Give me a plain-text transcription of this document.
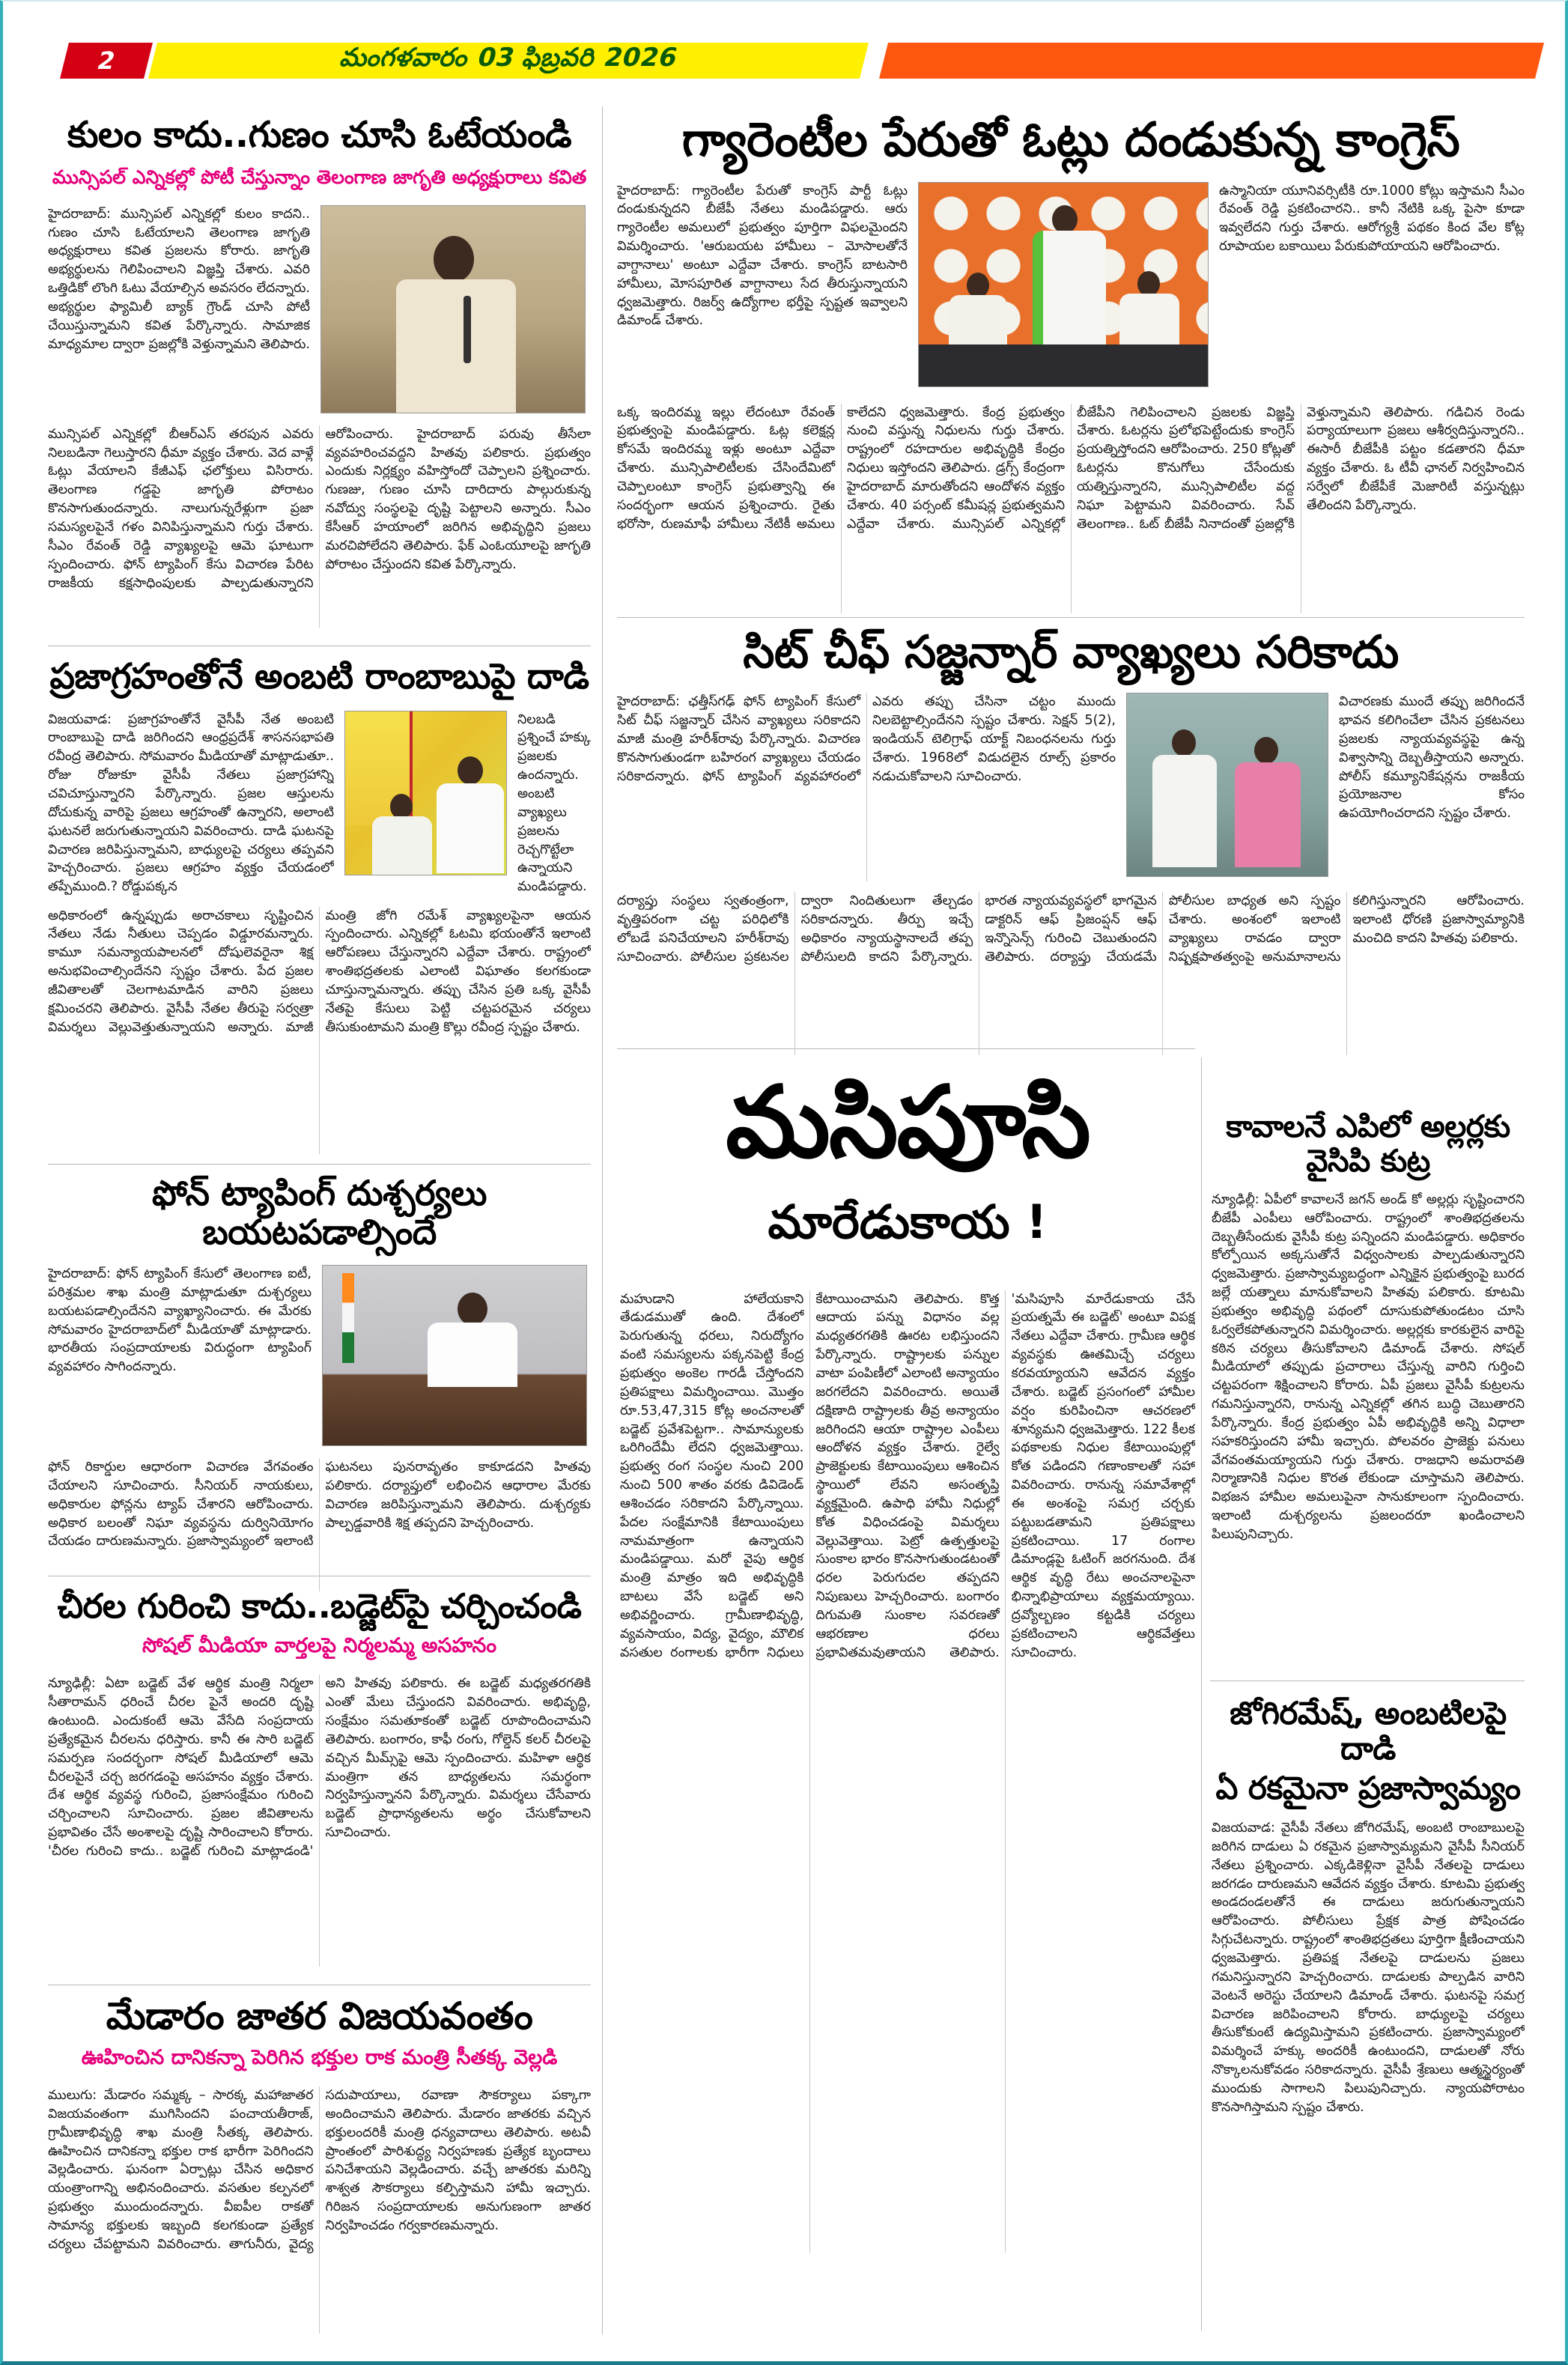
2	మంగళవారం 03 ఫిబ్రవరి 2026
కులం కాదు..గుణం చూసి ఓటేయండి
మున్సిపల్ ఎన్నికల్లో పోటీ చేస్తున్నాం తెలంగాణ జాగృతి అధ్యక్షురాలు కవిత
హైదరాబాద్: మున్సిపల్ ఎన్నికల్లో కులం కాదని.. గుణం చూసి ఓటేయాలని తెలంగాణ జాగృతి అధ్యక్షురాలు కవిత ప్రజలను కోరారు. జాగృతి అభ్యర్థులను గెలిపించాలని విజ్ఞప్తి చేశారు. ఎవరి ఒత్తిడికో లొంగి ఓటు వేయాల్సిన అవసరం లేదన్నారు. అభ్యర్థుల ఫ్యామిలీ బ్యాక్ గ్రౌండ్ చూసి పోటీ చేయిస్తున్నామని కవిత పేర్కొన్నారు. సామాజిక మాధ్యమాల ద్వారా ప్రజల్లోకి వెళ్తున్నామని తెలిపారు.
మున్సిపల్ ఎన్నికల్లో బీఆర్ఎస్ తరపున ఎవరు నిలబడినా గెలుస్తారని ధీమా వ్యక్తం చేశారు. వెద వాళ్లే ఓట్లు వేయాలని కేజీఎఫ్ ఛలోక్తులు విసిరారు. తెలంగాణ గడ్డపై జాగృతి పోరాటం కొనసాగుతుందన్నారు. నాలుగున్నరేళ్లుగా ప్రజా సమస్యలపైనే గళం వినిపిస్తున్నామని గుర్తు చేశారు. సీఎం రేవంత్ రెడ్డి వ్యాఖ్యలపై ఆమె ఘాటుగా స్పందించారు. ఫోన్ ట్యాపింగ్ కేసు విచారణ పేరిట రాజకీయ కక్షసాధింపులకు పాల్పడుతున్నారని ఆరోపించారు. హైదరాబాద్ పరువు తీసేలా వ్యవహరించవద్దని హితవు పలికారు. ప్రభుత్వం ఎందుకు నిర్లక్ష్యం వహిస్తోందో చెప్పాలని ప్రశ్నించారు. గుణజు, గుణం చూసి దారిదారు పాల్గురుకున్న నవోద్వు సంస్థలపై దృష్టి పెట్టాలని అన్నారు. సీఎం కేసీఆర్ హయాంలో జరిగిన అభివృద్ధిని ప్రజలు మరచిపోలేదని తెలిపారు. ఫేక్ ఎంఓయూలపై జాగృతి పోరాటం చేస్తుందని కవిత పేర్కొన్నారు.
ప్రజాగ్రహంతోనే అంబటి రాంబాబుపై దాడి
విజయవాడ: ప్రజాగ్రహంతోనే వైసీపీ నేత అంబటి రాంబాబుపై దాడి జరిగిందని ఆంధ్రప్రదేశ్ శాసనసభాపతి రవీంద్ర తెలిపారు. సోమవారం మీడియాతో మాట్లాడుతూ.. రోజు రోజుకూ వైసీపీ నేతలు ప్రజాగ్రహాన్ని చవిచూస్తున్నారని పేర్కొన్నారు. ప్రజల ఆస్తులను దోచుకున్న వారిపై ప్రజలు ఆగ్రహంతో ఉన్నారని, అలాంటి ఘటనలే జరుగుతున్నాయని వివరించారు. దాడి ఘటనపై విచారణ జరిపిస్తున్నామని, బాధ్యులపై చర్యలు తప్పవని హెచ్చరించారు. ప్రజలు ఆగ్రహం వ్యక్తం చేయడంలో తప్పేముంది.? రోడ్డుపక్కన
నిలబడి ప్రశ్నించే హక్కు ప్రజలకు ఉందన్నారు. అంబటి వ్యాఖ్యలు ప్రజలను రెచ్చగొట్టేలా ఉన్నాయని మండిపడ్డారు.
అధికారంలో ఉన్నప్పుడు అరాచకాలు సృష్టించిన నేతలు నేడు నీతులు చెప్పడం విడ్డూరమన్నారు. కామూ సమన్యాయపాలనలో దోషులెవరైనా శిక్ష అనుభవించాల్సిందేనని స్పష్టం చేశారు. పేద ప్రజల జీవితాలతో చెలగాటమాడిన వారిని ప్రజలు క్షమించరని తెలిపారు. వైసీపీ నేతల తీరుపై సర్వత్రా విమర్శలు వెల్లువెత్తుతున్నాయని అన్నారు. మాజీ మంత్రి జోగి రమేశ్ వ్యాఖ్యలపైనా ఆయన స్పందించారు. ఎన్నికల్లో ఓటమి భయంతోనే ఇలాంటి ఆరోపణలు చేస్తున్నారని ఎద్దేవా చేశారు. రాష్ట్రంలో శాంతిభద్రతలకు ఎలాంటి విఘాతం కలగకుండా చూస్తున్నామన్నారు. తప్పు చేసిన ప్రతి ఒక్క వైసీపీ నేతపై కేసులు పెట్టి చట్టపరమైన చర్యలు తీసుకుంటామని మంత్రి కొల్లు రవీంద్ర స్పష్టం చేశారు.
ఫోన్ ట్యాపింగ్ దుశ్చర్యలు బయటపడాల్సిందే
హైదరాబాద్: ఫోన్ ట్యాపింగ్ కేసులో తెలంగాణ ఐటీ, పరిశ్రమల శాఖ మంత్రి మాట్లాడుతూ దుశ్చర్యలు బయటపడాల్సిందేనని వ్యాఖ్యానించారు. ఈ మేరకు సోమవారం హైదరాబాద్‌లో మీడియాతో మాట్లాడారు. భారతీయ సంప్రదాయాలకు విరుద్ధంగా ట్యాపింగ్ వ్యవహారం సాగిందన్నారు.
ఫోన్ రికార్డుల ఆధారంగా విచారణ వేగవంతం చేయాలని సూచించారు. సీనియర్ నాయకులు, అధికారుల ఫోన్లను ట్యాప్ చేశారని ఆరోపించారు. అధికార బలంతో నిఘా వ్యవస్థను దుర్వినియోగం చేయడం దారుణమన్నారు. ప్రజాస్వామ్యంలో ఇలాంటి ఘటనలు పునరావృతం కాకూడదని హితవు పలికారు. దర్యాప్తులో లభించిన ఆధారాల మేరకు విచారణ జరిపిస్తున్నామని తెలిపారు. దుశ్చర్యకు పాల్పడ్డవారికి శిక్ష తప్పదని హెచ్చరించారు.
చీరల గురించి కాదు..బడ్జెట్‌పై చర్చించండి
సోషల్ మీడియా వార్తలపై నిర్మలమ్మ అసహనం
న్యూఢిల్లీ: ఏటా బడ్జెట్ వేళ ఆర్థిక మంత్రి నిర్మలా సీతారామన్ ధరించే చీరల పైనే అందరి దృష్టి ఉంటుంది. ఎందుకంటే ఆమె వేసేది సంప్రదాయ ప్రత్యేకమైన చీరలను ధరిస్తారు. కానీ ఈ సారి బడ్జెట్ సమర్పణ సందర్భంగా సోషల్ మీడియాలో ఆమె చీరలపైనే చర్చ జరగడంపై అసహనం వ్యక్తం చేశారు. దేశ ఆర్థిక వ్యవస్థ గురించి, ప్రజాసంక్షేమం గురించి చర్చించాలని సూచించారు. ప్రజల జీవితాలను ప్రభావితం చేసే అంశాలపై దృష్టి సారించాలని కోరారు. 'చీరల గురించి కాదు.. బడ్జెట్ గురించి మాట్లాడండి' అని హితవు పలికారు. ఈ బడ్జెట్ మధ్యతరగతికి ఎంతో మేలు చేస్తుందని వివరించారు. అభివృద్ధి, సంక్షేమం సమతూకంతో బడ్జెట్ రూపొందించామని తెలిపారు. బంగారం, కాఫీ రంగు, గోల్డెన్ కలర్ చీరలపై వచ్చిన మీమ్స్‌పై ఆమె స్పందించారు. మహిళా ఆర్థిక మంత్రిగా తన బాధ్యతలను సమర్థంగా నిర్వహిస్తున్నానని పేర్కొన్నారు. విమర్శలు చేసేవారు బడ్జెట్ ప్రాధాన్యతలను అర్థం చేసుకోవాలని సూచించారు.
మేడారం జాతర విజయవంతం
ఊహించిన దానికన్నా పెరిగిన భక్తుల రాక మంత్రి సీతక్క వెల్లడి
ములుగు: మేడారం సమ్మక్క – సారక్క మహాజాతర విజయవంతంగా ముగిసిందని పంచాయతీరాజ్, గ్రామీణాభివృద్ధి శాఖ మంత్రి సీతక్క తెలిపారు. ఊహించిన దానికన్నా భక్తుల రాక భారీగా పెరిగిందని వెల్లడించారు. ఘనంగా ఏర్పాట్లు చేసిన అధికార యంత్రాంగాన్ని అభినందించారు. వసతుల కల్పనలో ప్రభుత్వం ముందుందన్నారు. వీఐపీల రాకతో సామాన్య భక్తులకు ఇబ్బంది కలగకుండా ప్రత్యేక చర్యలు చేపట్టామని వివరించారు. తాగునీరు, వైద్య సదుపాయాలు, రవాణా సౌకర్యాలు పక్కాగా అందించామని తెలిపారు. మేడారం జాతరకు వచ్చిన భక్తులందరికీ మంత్రి ధన్యవాదాలు తెలిపారు. అటవీ ప్రాంతంలో పారిశుద్ధ్య నిర్వహణకు ప్రత్యేక బృందాలు పనిచేశాయని వెల్లడించారు. వచ్చే జాతరకు మరిన్ని శాశ్వత సౌకర్యాలు కల్పిస్తామని హామీ ఇచ్చారు. గిరిజన సంప్రదాయాలకు అనుగుణంగా జాతర నిర్వహించడం గర్వకారణమన్నారు.
గ్యారెంటీల పేరుతో ఓట్లు దండుకున్న కాంగ్రెస్
హైదరాబాద్: గ్యారెంటీల పేరుతో కాంగ్రెస్ పార్టీ ఓట్లు దండుకున్నదని బీజేపీ నేతలు మండిపడ్డారు. ఆరు గ్యారెంటీల అమలులో ప్రభుత్వం పూర్తిగా విఫలమైందని విమర్శించారు. 'ఆరుబయట హామీలు – మోసాలతోనే వాగ్దానాలు' అంటూ ఎద్దేవా చేశారు. కాంగ్రెస్ బాటసారి హామీలు, మోసపూరిత వాగ్దానాలు సేద తీరుస్తున్నాయని ధ్వజమెత్తారు. రిజర్వ్ ఉద్యోగాల భర్తీపై స్పష్టత ఇవ్వాలని డిమాండ్ చేశారు.
ఉస్మానియా యూనివర్సిటీకి రూ.1000 కోట్లు ఇస్తామని సీఎం రేవంత్ రెడ్డి ప్రకటించారని.. కానీ నేటికి ఒక్క పైసా కూడా ఇవ్వలేదని గుర్తు చేశారు. ఆరోగ్యశ్రీ పథకం కింద వేల కోట్ల రూపాయల బకాయిలు పేరుకుపోయాయని ఆరోపించారు.
ఒక్క ఇందిరమ్మ ఇల్లు లేదంటూ రేవంత్ ప్రభుత్వంపై మండిపడ్డారు. ఓట్ల కలెక్షన్ల కోసమే ఇందిరమ్మ ఇళ్లు అంటూ ఎద్దేవా చేశారు. మున్సిపాలిటీలకు చేసిందేమిటో చెప్పాలంటూ కాంగ్రెస్ ప్రభుత్వాన్ని ఈ సందర్భంగా ఆయన ప్రశ్నించారు. రైతు భరోసా, రుణమాఫీ హామీలు నేటికీ అమలు కాలేదని ధ్వజమెత్తారు. కేంద్ర ప్రభుత్వం నుంచి వస్తున్న నిధులను గుర్తు చేశారు. రాష్ట్రంలో రహదారుల అభివృద్ధికి కేంద్రం నిధులు ఇస్తోందని తెలిపారు. డ్రగ్స్ కేంద్రంగా హైదరాబాద్ మారుతోందని ఆందోళన వ్యక్తం చేశారు. 40 పర్సంట్ కమీషన్ల ప్రభుత్వమని ఎద్దేవా చేశారు. మున్సిపల్ ఎన్నికల్లో బీజేపీని గెలిపించాలని ప్రజలకు విజ్ఞప్తి చేశారు. ఓటర్లను ప్రలోభపెట్టేందుకు కాంగ్రెస్ ప్రయత్నిస్తోందని ఆరోపించారు. 250 కోట్లతో ఓటర్లను కొనుగోలు చేసేందుకు యత్నిస్తున్నారని, మున్సిపాలిటీల వద్ద నిఘా పెట్టామని వివరించారు. సేవ్ తెలంగాణ.. ఓట్ బీజేపీ నినాదంతో ప్రజల్లోకి వెళ్తున్నామని తెలిపారు. గడిచిన రెండు పర్యాయాలుగా ప్రజలు ఆశీర్వదిస్తున్నారని.. ఈసారీ బీజేపీకి పట్టం కడతారని ధీమా వ్యక్తం చేశారు. ఓ టీవీ ఛానల్ నిర్వహించిన సర్వేలో బీజేపీకే మెజారిటీ వస్తున్నట్లు తేలిందని పేర్కొన్నారు.
సిట్ చీఫ్ సజ్జన్నార్ వ్యాఖ్యలు సరికాదు
హైదరాబాద్: ఛత్తీస్‌గఢ్ ఫోన్ ట్యాపింగ్ కేసులో సిట్ చీఫ్ సజ్జన్నార్ చేసిన వ్యాఖ్యలు సరికాదని మాజీ మంత్రి హరీశ్‌రావు పేర్కొన్నారు. విచారణ కొనసాగుతుండగా బహిరంగ వ్యాఖ్యలు చేయడం సరికాదన్నారు. ఫోన్ ట్యాపింగ్ వ్యవహారంలో ఎవరు తప్పు చేసినా చట్టం ముందు నిలబెట్టాల్సిందేనని స్పష్టం చేశారు. సెక్షన్ 5(2), ఇండియన్ టెలిగ్రాఫ్ యాక్ట్ నిబంధనలను గుర్తు చేశారు. 1968లో విడుదలైన రూల్స్ ప్రకారం నడుచుకోవాలని సూచించారు.
విచారణకు ముందే తప్పు జరిగిందనే భావన కలిగించేలా చేసిన ప్రకటనలు ప్రజలకు న్యాయవ్యవస్థపై ఉన్న విశ్వాసాన్ని దెబ్బతీస్తాయని అన్నారు. పోలీస్ కమ్యూనికేషన్లను రాజకీయ ప్రయోజనాల కోసం ఉపయోగించరాదని స్పష్టం చేశారు.
దర్యాప్తు సంస్థలు స్వతంత్రంగా, వృత్తిపరంగా చట్ట పరిధిలోకి లోబడే పనిచేయాలని హరీశ్‌రావు సూచించారు. పోలీసుల ప్రకటనల ద్వారా నిందితులుగా తేల్చడం సరికాదన్నారు. తీర్పు ఇచ్చే అధికారం న్యాయస్థానాలదే తప్ప పోలీసులది కాదని పేర్కొన్నారు. భారత న్యాయవ్యవస్థలో భాగమైన డాక్టరిన్ ఆఫ్ ప్రిజంప్షన్ ఆఫ్ ఇన్నొసెన్స్ గురించి చెబుతుందని తెలిపారు. దర్యాప్తు చేయడమే పోలీసుల బాధ్యత అని స్పష్టం చేశారు. అంశంలో ఇలాంటి వ్యాఖ్యలు రావడం ద్వారా నిష్పక్షపాతత్వంపై అనుమానాలను కలిగిస్తున్నారని ఆరోపించారు. ఇలాంటి ధోరణి ప్రజాస్వామ్యానికి మంచిది కాదని హితవు పలికారు.
మసిపూసి
మారేడుకాయ !
మహుడాని హాలేయకాని తేడుడముతో ఉంది. దేశంలో పెరుగుతున్న ధరలు, నిరుద్యోగం వంటి సమస్యలను పక్కనపెట్టి కేంద్ర ప్రభుత్వం అంకెల గారడీ చేస్తోందని ప్రతిపక్షాలు విమర్శించాయి. మొత్తం రూ.53,47,315 కోట్ల అంచనాలతో బడ్జెట్ ప్రవేశపెట్టగా.. సామాన్యులకు ఒరిగిందేమీ లేదని ధ్వజమెత్తాయి. ప్రభుత్వ రంగ సంస్థల నుంచి 200 నుంచి 500 శాతం వరకు డివిడెండ్ ఆశించడం సరికాదని పేర్కొన్నాయి. పేదల సంక్షేమానికి కేటాయింపులు నామమాత్రంగా ఉన్నాయని మండిపడ్డాయి. మరో వైపు ఆర్థిక మంత్రి మాత్రం ఇది అభివృద్ధికి బాటలు వేసే బడ్జెట్ అని అభివర్ణించారు. గ్రామీణాభివృద్ధి, వ్యవసాయం, విద్య, వైద్యం, మౌలిక వసతుల రంగాలకు భారీగా నిధులు కేటాయించామని తెలిపారు. కొత్త ఆదాయ పన్ను విధానం వల్ల మధ్యతరగతికి ఊరట లభిస్తుందని పేర్కొన్నారు. రాష్ట్రాలకు పన్నుల వాటా పంపిణీలో ఎలాంటి అన్యాయం జరగలేదని వివరించారు. అయితే దక్షిణాది రాష్ట్రాలకు తీవ్ర అన్యాయం జరిగిందని ఆయా రాష్ట్రాల ఎంపీలు ఆందోళన వ్యక్తం చేశారు. రైల్వే ప్రాజెక్టులకు కేటాయింపులు ఆశించిన స్థాయిలో లేవని అసంతృప్తి వ్యక్తమైంది. ఉపాధి హామీ నిధుల్లో కోత విధించడంపై విమర్శలు వెల్లువెత్తాయి. పెట్రో ఉత్పత్తులపై సుంకాల భారం కొనసాగుతుండటంతో ధరల పెరుగుదల తప్పదని నిపుణులు హెచ్చరించారు. బంగారం దిగుమతి సుంకాల సవరణతో ఆభరణాల ధరలు ప్రభావితమవుతాయని తెలిపారు. 'మసిపూసి మారేడుకాయ చేసే ప్రయత్నమే ఈ బడ్జెట్' అంటూ విపక్ష నేతలు ఎద్దేవా చేశారు. గ్రామీణ ఆర్థిక వ్యవస్థకు ఊతమిచ్చే చర్యలు కరవయ్యాయని ఆవేదన వ్యక్తం చేశారు. బడ్జెట్ ప్రసంగంలో హామీల వర్షం కురిపించినా ఆచరణలో శూన్యమని ధ్వజమెత్తారు. 122 కీలక పథకాలకు నిధుల కేటాయింపుల్లో కోత పడిందని గణాంకాలతో సహా వివరించారు. రానున్న సమావేశాల్లో ఈ అంశంపై సమగ్ర చర్చకు పట్టుబడతామని ప్రతిపక్షాలు ప్రకటించాయి. 17 రంగాల డిమాండ్లపై ఓటింగ్ జరగనుంది. దేశ ఆర్థిక వృద్ధి రేటు అంచనాలపైనా భిన్నాభిప్రాయాలు వ్యక్తమయ్యాయి. ద్రవ్యోల్బణం కట్టడికి చర్యలు ప్రకటించాలని ఆర్థికవేత్తలు సూచించారు.
కావాలనే ఎపిలో అల్లర్లకు వైసిపి కుట్ర
న్యూఢిల్లీ: ఏపీలో కావాలనే జగన్ అండ్ కో అల్లర్లు సృష్టించారని బీజేపీ ఎంపీలు ఆరోపించారు. రాష్ట్రంలో శాంతిభద్రతలను దెబ్బతీసేందుకు వైసీపీ కుట్ర పన్నిందని మండిపడ్డారు. అధికారం కోల్పోయిన అక్కసుతోనే విధ్వంసాలకు పాల్పడుతున్నారని ధ్వజమెత్తారు. ప్రజాస్వామ్యబద్ధంగా ఎన్నికైన ప్రభుత్వంపై బురద జల్లే యత్నాలు మానుకోవాలని హితవు పలికారు. కూటమి ప్రభుత్వం అభివృద్ధి పథంలో దూసుకుపోతుండటం చూసి ఓర్వలేకపోతున్నారని విమర్శించారు. అల్లర్లకు కారకులైన వారిపై కఠిన చర్యలు తీసుకోవాలని డిమాండ్ చేశారు. సోషల్ మీడియాలో తప్పుడు ప్రచారాలు చేస్తున్న వారిని గుర్తించి చట్టపరంగా శిక్షించాలని కోరారు. ఏపీ ప్రజలు వైసీపీ కుట్రలను గమనిస్తున్నారని, రానున్న ఎన్నికల్లో తగిన బుద్ధి చెబుతారని పేర్కొన్నారు. కేంద్ర ప్రభుత్వం ఏపీ అభివృద్ధికి అన్ని విధాలా సహకరిస్తుందని హామీ ఇచ్చారు. పోలవరం ప్రాజెక్టు పనులు వేగవంతమయ్యాయని గుర్తు చేశారు. రాజధాని అమరావతి నిర్మాణానికి నిధుల కొరత లేకుండా చూస్తామని తెలిపారు. విభజన హామీల అమలుపైనా సానుకూలంగా స్పందించారు. ఇలాంటి దుశ్చర్యలను ప్రజలందరూ ఖండించాలని పిలుపునిచ్చారు.
జోగిరమేష్, అంబటిలపై దాడి
ఏ రకమైనా ప్రజాస్వామ్యం
విజయవాడ: వైసీపీ నేతలు జోగిరమేష్, అంబటి రాంబాబులపై జరిగిన దాడులు ఏ రకమైన ప్రజాస్వామ్యమని వైసీపీ సీనియర్ నేతలు ప్రశ్నించారు. ఎక్కడికెళ్లినా వైసీపీ నేతలపై దాడులు జరగడం దారుణమని ఆవేదన వ్యక్తం చేశారు. కూటమి ప్రభుత్వ అండదండలతోనే ఈ దాడులు జరుగుతున్నాయని ఆరోపించారు. పోలీసులు ప్రేక్షక పాత్ర పోషించడం సిగ్గుచేటన్నారు. రాష్ట్రంలో శాంతిభద్రతలు పూర్తిగా క్షీణించాయని ధ్వజమెత్తారు. ప్రతిపక్ష నేతలపై దాడులను ప్రజలు గమనిస్తున్నారని హెచ్చరించారు. దాడులకు పాల్పడిన వారిని వెంటనే అరెస్టు చేయాలని డిమాండ్ చేశారు. ఘటనపై సమగ్ర విచారణ జరిపించాలని కోరారు. బాధ్యులపై చర్యలు తీసుకోకుంటే ఉద్యమిస్తామని ప్రకటించారు. ప్రజాస్వామ్యంలో విమర్శించే హక్కు అందరికీ ఉంటుందని, దాడులతో నోరు నొక్కాలనుకోవడం సరికాదన్నారు. వైసీపీ శ్రేణులు ఆత్మస్థైర్యంతో ముందుకు సాగాలని పిలుపునిచ్చారు. న్యాయపోరాటం కొనసాగిస్తామని స్పష్టం చేశారు.
